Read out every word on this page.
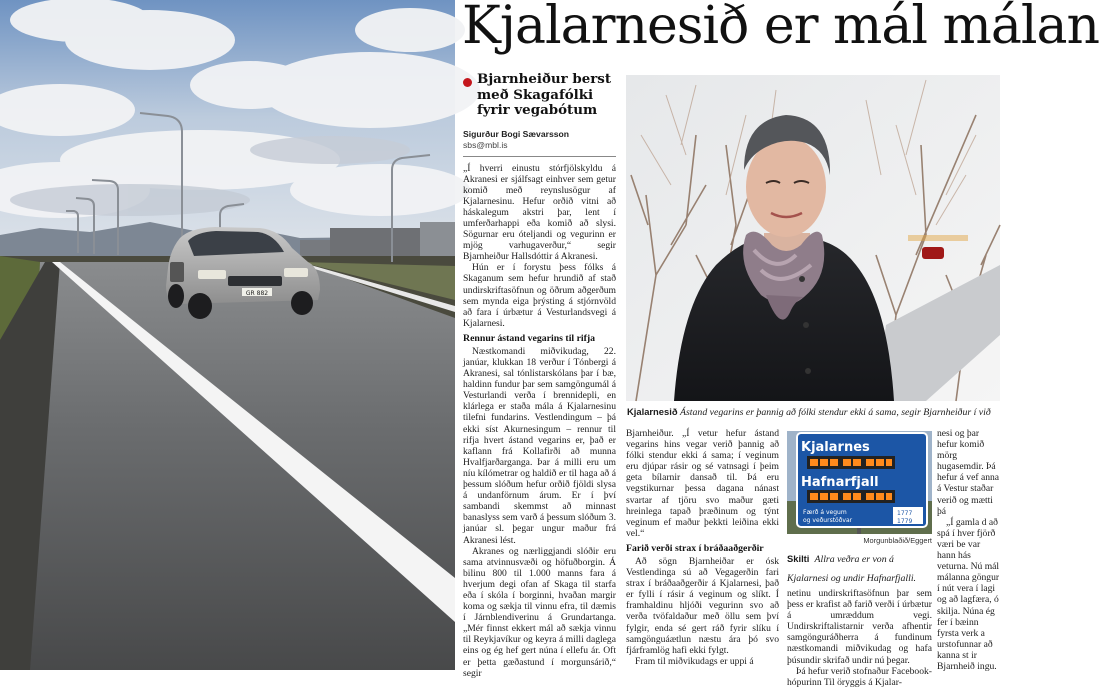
GR 882
Kjalarnesið er mál málan
Bjarnheiður berst með Skagafólki fyrir vegabótum
Sigurður Bogi Sævarsson
sbs@mbl.is

„Í hverri einustu stórfjölskyldu á Akranesi er sjálfsagt einhver sem getur komið með reynslusögur af Kjalarnesinu. Hefur orðið vitni að háskalegum akstri þar, lent í umferðarhappi eða komið að slysi. Sögurnar eru óteljandi og vegurinn er mjög varhugaverður,“ segir Bjarnheiður Hallsdóttir á Akranesi.

Hún er í forystu þess fólks á Skaganum sem hefur hrundið af stað undirskriftasöfnun og öðrum aðgerðum sem mynda eiga þrýsting á stjórnvöld að fara í úrbætur á Vesturlandsvegi á Kjalarnesi.

Rennur ástand vegarins til rifja

Næstkomandi miðvikudag, 22. janúar, klukkan 18 verður í Tónbergi á Akranesi, sal tónlistarskólans þar í bæ, haldinn fundur þar sem samgöngumál á Vesturlandi verða í brennidepli, en klárlega er staða mála á Kjalarnesinu tilefni fundarins. Vestlendingum – þá ekki síst Akurnesingum – rennur til rifja hvert ástand vegarins er, það er kaflann frá Kollafirði að munna Hvalfjarðarganga. Þar á milli eru um níu kílómetrar og haldið er til haga að á þessum slóðum hefur orðið fjöldi slysa á undanförnum árum. Er í því sambandi skemmst að minnast banaslyss sem varð á þessum slóðum 3. janúar sl. þegar ungur maður frá Akranesi lést.

Akranes og nærliggjandi slóðir eru sama atvinnusvæði og höfuðborgin. Á bilinu 800 til 1.000 manns fara á hverjum degi ofan af Skaga til starfa eða í skóla í borginni, hvaðan margir koma og sækja til vinnu efra, til dæmis í Járnblendiverinu á Grundartanga. „Mér finnst ekkert mál að sækja vinnu til Reykjavíkur og keyra á milli daglega eins og ég hef gert núna í ellefu ár. Oft er þetta gæðastund í morgunsárið,“ segir

Kjalarnesið Ástand vegarins er þannig að fólki stendur ekki á sama, segir Bjarnheiður í við

Bjarnheiður. „Í vetur hefur ástand vegarins hins vegar verið þannig að fólki stendur ekki á sama; í veginum eru djúpar rásir og sé vatnsagi í þeim geta bílarnir dansað til. Þá eru vegstikurnar þessa dagana nánast svartar af tjöru svo maður gæti hreinlega tapað þræðinum og týnt veginum ef maður þekkti leiðina ekki vel.“

Farið verði strax í bráðaaðgerðir

Að sögn Bjarnheiðar er ósk Vestlendinga sú að Vegagerðin fari strax í bráðaaðgerðir á Kjalarnesi, það er fylli í rásir á veginum og slíkt. Í framhaldinu hljóði vegurinn svo að verða tvöfaldaður með öllu sem því fylgir, enda sé gert ráð fyrir slíku í samgönguáætlun næstu ára þó svo fjárframlög hafi ekki fylgt.

Fram til miðvikudags er uppi á

Kjalarnes
Hafnarfjall
Færð á vegum
og veðurstöðvar
1777
1779
Morgunblaðið/Eggert
Skilti Allra veðra er von á Kjalarnesi og undir Hafnarfjalli.

netinu undirskriftasöfnun þar sem þess er krafist að farið verði í úrbætur á umræddum vegi. Undirskriftalistarnir verða afhentir samgönguráðherra á fundinum næstkomandi miðvikudag og hafa þúsundir skrifað undir nú þegar.

Þá hefur verið stofnaður Facebook-hópurinn Til öryggis á Kjalar-

nesi og þar hefur komið mörg hugasemdir. Þá hefur á vef anna á Vestur staðar verið og mætti þá

„Í gamla d að spá í hver fjörð væri be var hann hás veturna. Nú mál málanna göngur í nút vera í lagi og að lagfæra, ó skilja. Núna ég fer í bæinn fyrsta verk a urstofunnar að kanna st ir Bjarnheið ingu.
